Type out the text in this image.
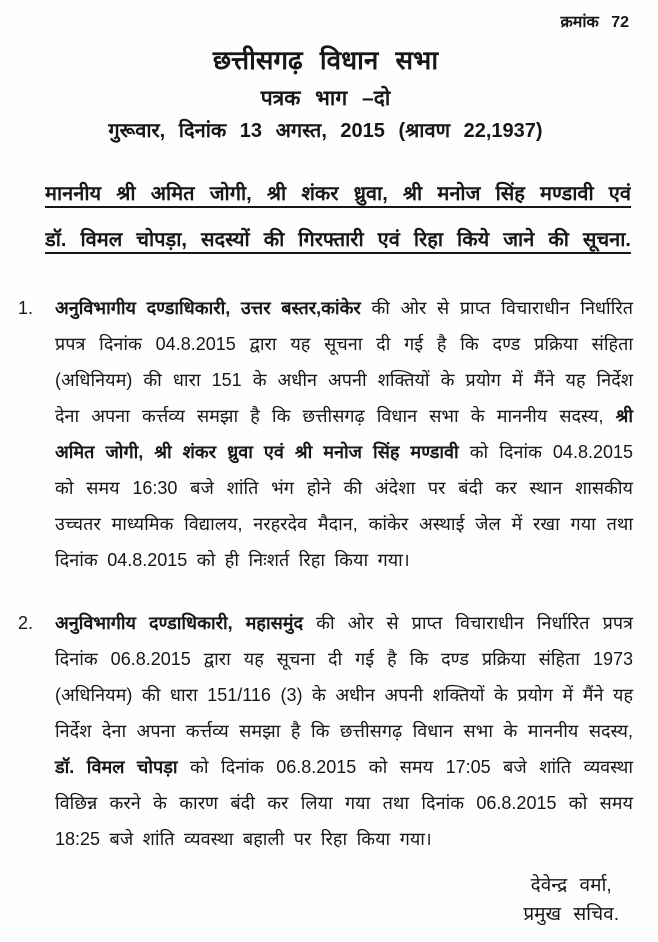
क्रमांक 72
छत्तीसगढ़ विधान सभा
पत्रक भाग –दो
गुरूवार, दिनांक 13 अगस्त, 2015 (श्रावण 22,1937)
माननीय श्री अमित जोगी, श्री शंकर ध्रुवा, श्री मनोज सिंह मण्डावी एवं
डॉ. विमल चोपड़ा, सदस्यों की गिरफ्तारी एवं रिहा किये जाने की सूचना.
1.	अनुविभागीय दण्डाधिकारी, उत्तर बस्तर,कांकेर की ओर से प्राप्त विचाराधीन निर्धारित प्रपत्र दिनांक 04.8.2015 द्वारा यह सूचना दी गई है कि दण्ड प्रक्रिया संहिता (अधिनियम) की धारा 151 के अधीन अपनी शक्तियों के प्रयोग में मैंने यह निर्देश देना अपना कर्त्तव्य समझा है कि छत्तीसगढ़ विधान सभा के माननीय सदस्य, श्री अमित जोगी, श्री शंकर ध्रुवा एवं श्री मनोज सिंह मण्डावी को दिनांक 04.8.2015 को समय 16:30 बजे शांति भंग होने की अंदेशा पर बंदी कर स्थान शासकीय उच्चतर माध्यमिक विद्यालय, नरहरदेव मैदान, कांकेर अस्थाई जेल में रखा गया तथा दिनांक 04.8.2015 को ही निःशर्त रिहा किया गया।
2.	अनुविभागीय दण्डाधिकारी, महासमुंद की ओर से प्राप्त विचाराधीन निर्धारित प्रपत्र दिनांक 06.8.2015 द्वारा यह सूचना दी गई है कि दण्ड प्रक्रिया संहिता 1973 (अधिनियम) की धारा 151/116 (3) के अधीन अपनी शक्तियों के प्रयोग में मैंने यह निर्देश देना अपना कर्त्तव्य समझा है कि छत्तीसगढ़ विधान सभा के माननीय सदस्य, डॉ. विमल चोपड़ा को दिनांक 06.8.2015 को समय 17:05 बजे शांति व्यवस्था विछिन्न करने के कारण बंदी कर लिया गया तथा दिनांक 06.8.2015 को समय 18:25 बजे शांति व्यवस्था बहाली पर रिहा किया गया।
देवेन्द्र वर्मा,
प्रमुख सचिव.
